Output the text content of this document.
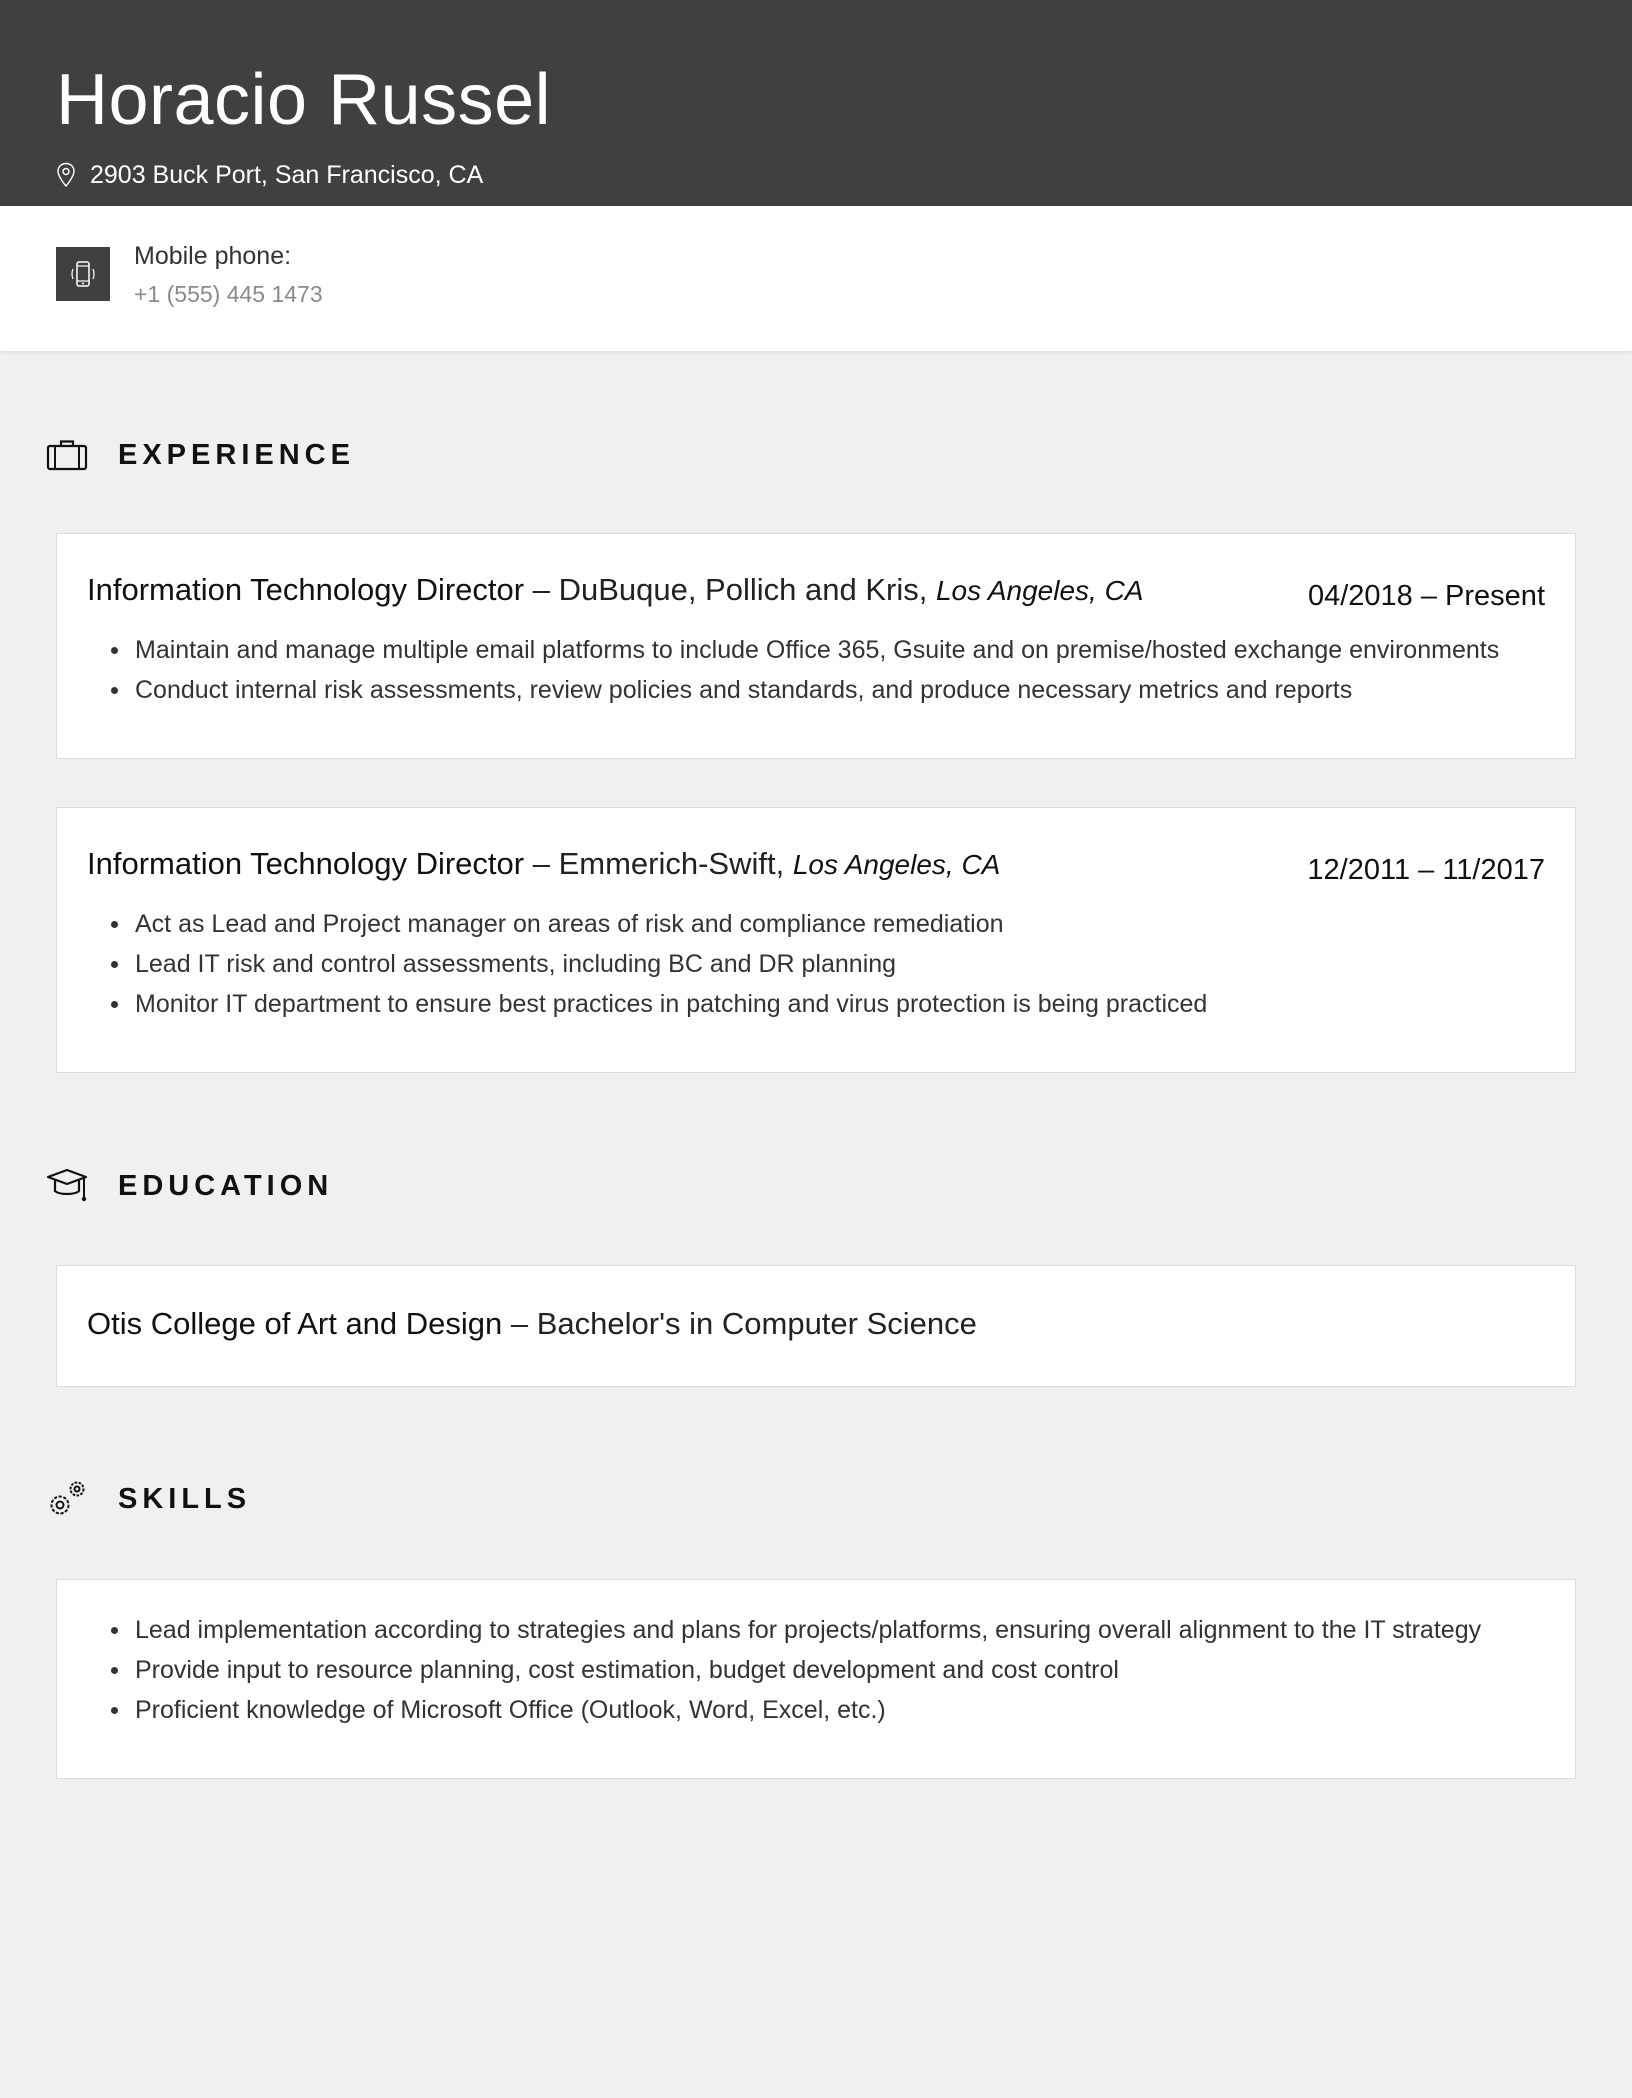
Horacio Russel
2903 Buck Port, San Francisco, CA
Mobile phone:
+1 (555) 445 1473
EXPERIENCE
Information Technology Director – DuBuque, Pollich and Kris, Los Angeles, CA	04/2018 – Present
Maintain and manage multiple email platforms to include Office 365, Gsuite and on premise/hosted exchange environments
Conduct internal risk assessments, review policies and standards, and produce necessary metrics and reports
Information Technology Director – Emmerich-Swift, Los Angeles, CA	12/2011 – 11/2017
Act as Lead and Project manager on areas of risk and compliance remediation
Lead IT risk and control assessments, including BC and DR planning
Monitor IT department to ensure best practices in patching and virus protection is being practiced
EDUCATION
Otis College of Art and Design – Bachelor's in Computer Science
SKILLS
Lead implementation according to strategies and plans for projects/platforms, ensuring overall alignment to the IT strategy
Provide input to resource planning, cost estimation, budget development and cost control
Proficient knowledge of Microsoft Office (Outlook, Word, Excel, etc.)
